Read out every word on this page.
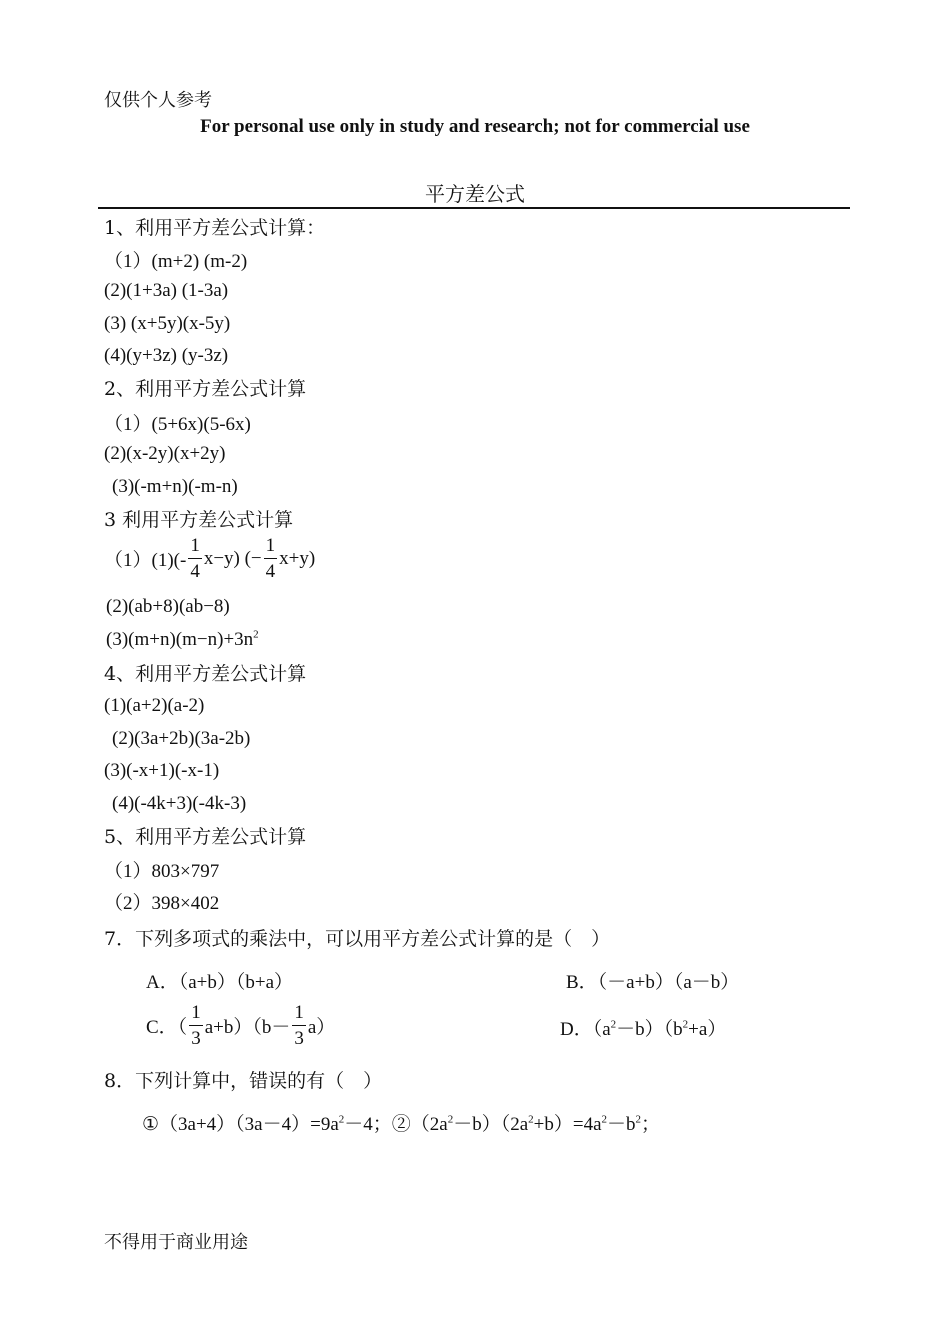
仅供个人参考
For personal use only in study and research; not for commercial use
平方差公式
1、利用平方差公式计算：
（1）(m+2) (m-2)
(2)(1+3a) (1-3a)
(3) (x+5y)(x-5y)
(4)(y+3z) (y-3z)
2、利用平方差公式计算
（1）(5+6x)(5-6x)
(2)(x-2y)(x+2y)
(3)(-m+n)(-m-n)
3 利用平方差公式计算
$(1)(1)(- \frac{1}{4} x-y)$ (− $\frac{1}{4} x+y$)
(2)(ab+8)(ab−8)
$(3)(m+n)(m-n)+3n^2$
4、利用平方差公式计算
(1)(a+2)(a-2)
(2)(3a+2b)(3a-2b)
(3)(-x+1)(-x-1)
(4)(-4k+3)(-4k-3)
5、利用平方差公式计算
（1）803×797
（2）398×402
7．下列多项式的乘法中，可以用平方差公式计算的是（　）
A．（a+b）（b+a）	B．（－a+b）（a－b）
C．（ $\frac{1}{3} a+b)(b- \frac{1}{3} a)$	D．$(a^2-b)(b^2+a)$
8．下列计算中，错误的有（　）
$①(3a+4)(3a-4)=9a^2-4$；$②(2a^2-b)(2a^2+b)=4a^2-b^2$；
不得用于商业用途
